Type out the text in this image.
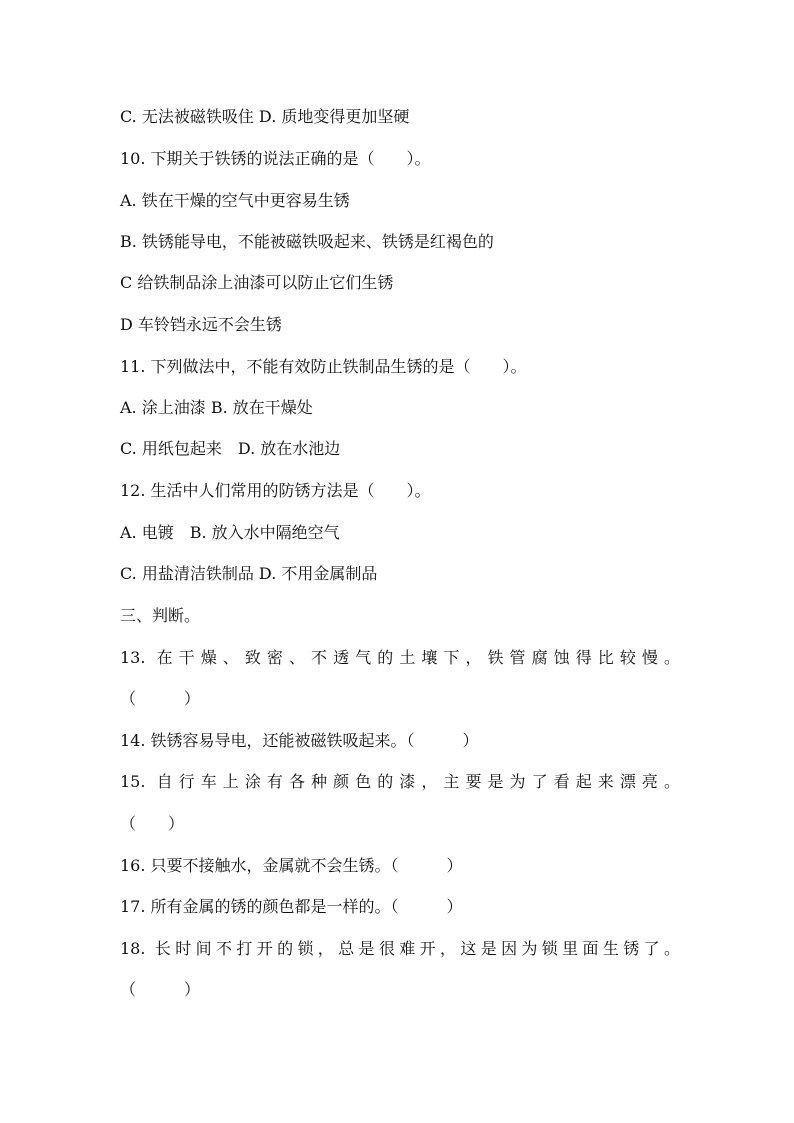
C. 无法被磁铁吸住 D. 质地变得更加坚硬
10. 下期关于铁锈的说法正确的是（　　）。
A. 铁在干燥的空气中更容易生锈
B. 铁锈能导电，不能被磁铁吸起来、铁锈是红褐色的
C 给铁制品涂上油漆可以防止它们生锈
D 车铃铛永远不会生锈
11. 下列做法中，不能有效防止铁制品生锈的是（　　）。
A. 涂上油漆 B. 放在干燥处
C. 用纸包起来　D. 放在水池边
12. 生活中人们常用的防锈方法是（　　）。
A. 电镀　B. 放入水中隔绝空气
C. 用盐清洁铁制品 D. 不用金属制品
三、判断。
13. 在干燥、致密、不透气的土壤下，铁管腐蚀得比较慢。
（　　　）
14. 铁锈容易导电，还能被磁铁吸起来。（　　　）
15. 自行车上涂有各种颜色的漆，主要是为了看起来漂亮。
（　　）
16. 只要不接触水，金属就不会生锈。（　　　）
17. 所有金属的锈的颜色都是一样的。（　　　）
18. 长时间不打开的锁，总是很难开，这是因为锁里面生锈了。
（　　　）
